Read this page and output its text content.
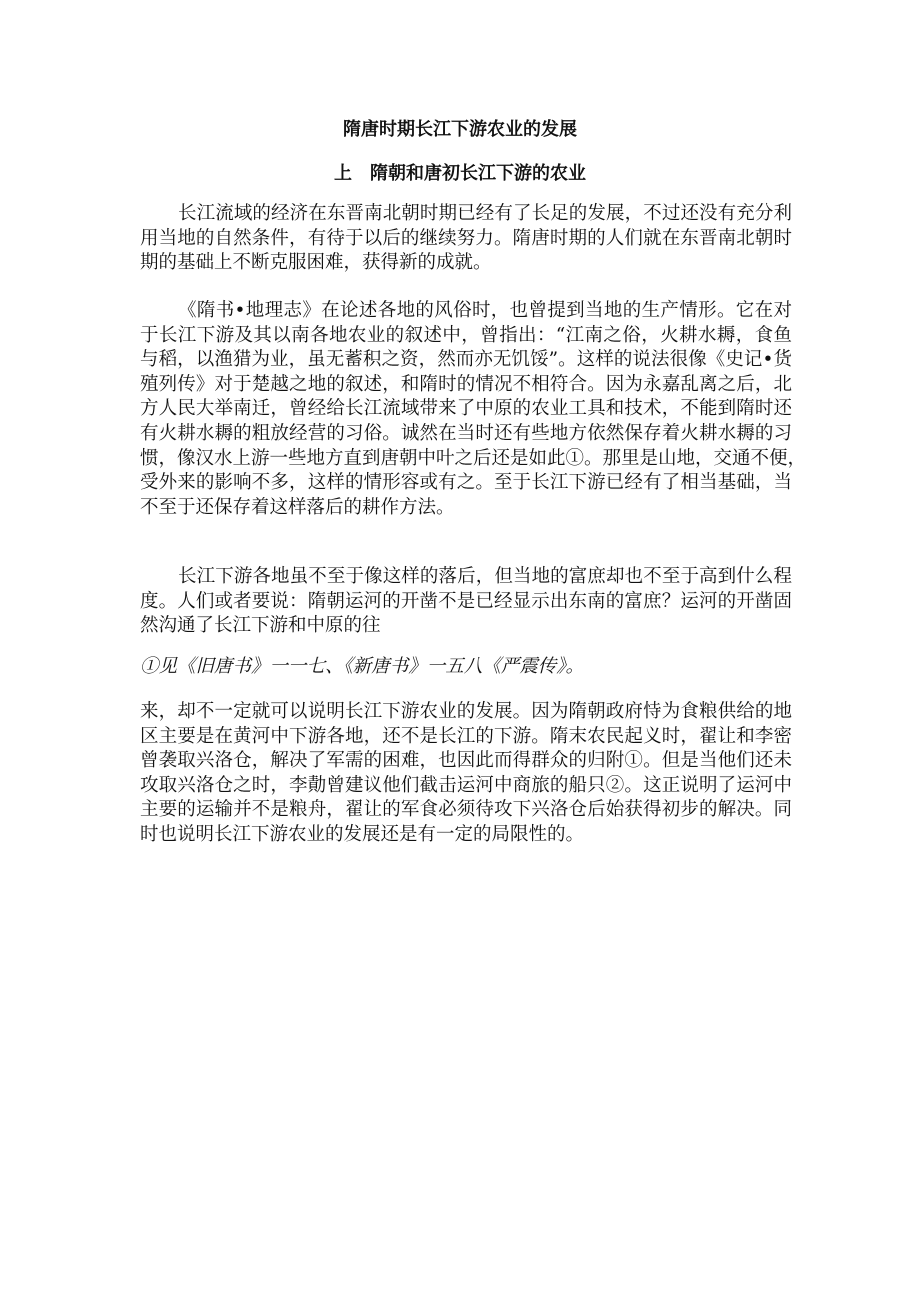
隋唐时期长江下游农业的发展
上　隋朝和唐初长江下游的农业
长江流域的经济在东晋南北朝时期已经有了长足的发展，不过还没有充分利
用当地的自然条件，有待于以后的继续努力。隋唐时期的人们就在东晋南北朝时
期的基础上不断克服困难，获得新的成就。
《隋书•地理志》在论述各地的风俗时，也曾提到当地的生产情形。它在对
于长江下游及其以南各地农业的叙述中，曾指出：“江南之俗，火耕水耨，食鱼
与稻，以渔猎为业，虽无蓄积之资，然而亦无饥馁”。这样的说法很像《史记•货
殖列传》对于楚越之地的叙述，和隋时的情况不相符合。因为永嘉乱离之后，北
方人民大举南迁，曾经给长江流域带来了中原的农业工具和技术，不能到隋时还
有火耕水耨的粗放经营的习俗。诚然在当时还有些地方依然保存着火耕水耨的习
惯，像汉水上游一些地方直到唐朝中叶之后还是如此①。那里是山地，交通不便，
受外来的影响不多，这样的情形容或有之。至于长江下游已经有了相当基础，当
不至于还保存着这样落后的耕作方法。
长江下游各地虽不至于像这样的落后，但当地的富庶却也不至于高到什么程
度。人们或者要说：隋朝运河的开凿不是已经显示出东南的富庶？运河的开凿固
然沟通了长江下游和中原的往
①见《旧唐书》一一七、《新唐书》一五八《严震传》。
来，却不一定就可以说明长江下游农业的发展。因为隋朝政府恃为食粮供给的地
区主要是在黄河中下游各地，还不是长江的下游。隋末农民起义时，翟让和李密
曾袭取兴洛仓，解决了军需的困难，也因此而得群众的归附①。但是当他们还未
攻取兴洛仓之时，李勣曾建议他们截击运河中商旅的船只②。这正说明了运河中
主要的运输并不是粮舟，翟让的军食必须待攻下兴洛仓后始获得初步的解决。同
时也说明长江下游农业的发展还是有一定的局限性的。
